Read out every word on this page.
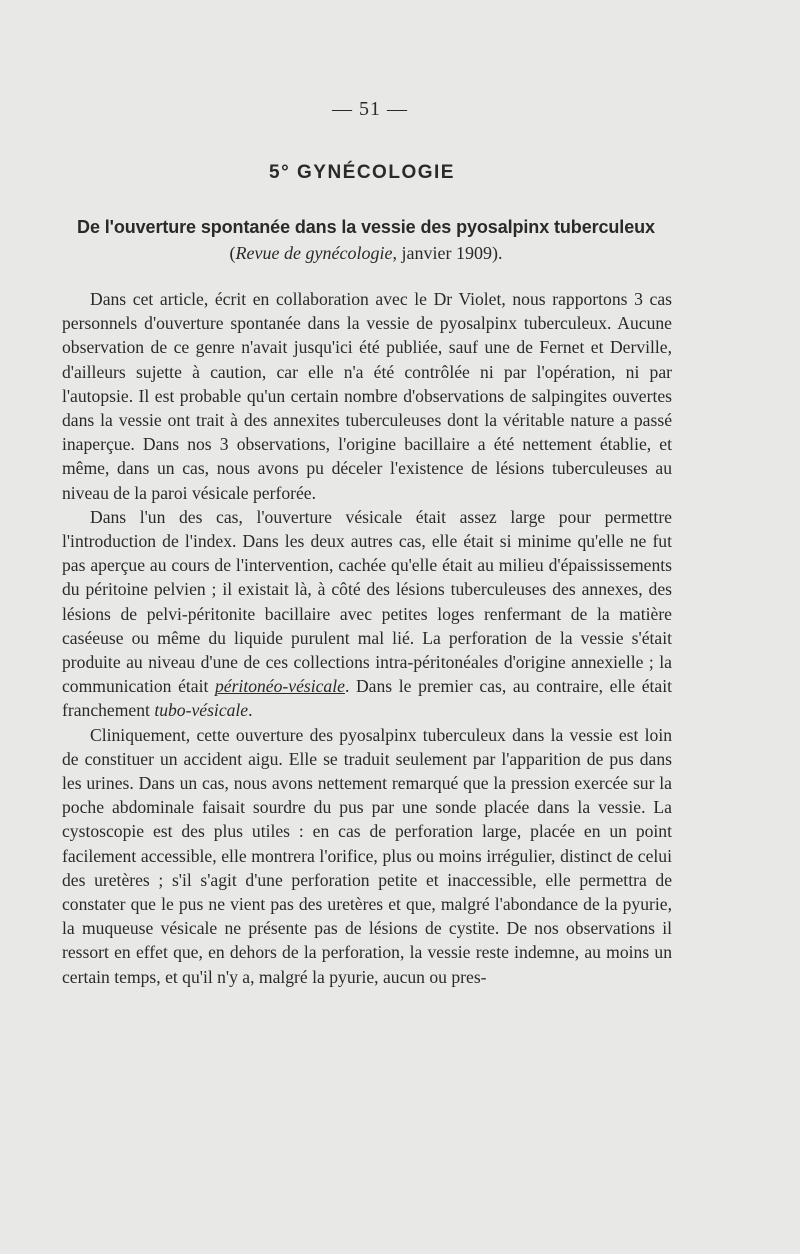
— 51 —
5° GYNÉCOLOGIE
De l'ouverture spontanée dans la vessie des pyosalpinx tuberculeux
(Revue de gynécologie, janvier 1909).

Dans cet article, écrit en collaboration avec le Dr Violet, nous rapportons 3 cas personnels d'ouverture spontanée dans la vessie de pyosalpinx tuberculeux. Aucune observation de ce genre n'avait jusqu'ici été publiée, sauf une de Fernet et Derville, d'ailleurs sujette à caution, car elle n'a été contrôlée ni par l'opération, ni par l'autopsie. Il est probable qu'un certain nombre d'observations de salpingites ouvertes dans la vessie ont trait à des annexites tuberculeuses dont la véritable nature a passé inaperçue. Dans nos 3 observations, l'origine bacillaire a été nettement établie, et même, dans un cas, nous avons pu déceler l'existence de lésions tuberculeuses au niveau de la paroi vésicale perforée.

Dans l'un des cas, l'ouverture vésicale était assez large pour permettre l'introduction de l'index. Dans les deux autres cas, elle était si minime qu'elle ne fut pas aperçue au cours de l'intervention, cachée qu'elle était au milieu d'épaississements du péritoine pelvien ; il existait là, à côté des lésions tuberculeuses des annexes, des lésions de pelvi-péritonite bacillaire avec petites loges renfermant de la matière caséeuse ou même du liquide purulent mal lié. La perforation de la vessie s'était produite au niveau d'une de ces collections intra-péritonéales d'origine annexielle ; la communication était péritonéo-vésicale. Dans le premier cas, au contraire, elle était franchement tubo-vésicale.

Cliniquement, cette ouverture des pyosalpinx tuberculeux dans la vessie est loin de constituer un accident aigu. Elle se traduit seulement par l'apparition de pus dans les urines. Dans un cas, nous avons nettement remarqué que la pression exercée sur la poche abdominale faisait sourdre du pus par une sonde placée dans la vessie. La cystoscopie est des plus utiles : en cas de perforation large, placée en un point facilement accessible, elle montrera l'orifice, plus ou moins irrégulier, distinct de celui des uretères ; s'il s'agit d'une perforation petite et inaccessible, elle permettra de constater que le pus ne vient pas des uretères et que, malgré l'abondance de la pyurie, la muqueuse vésicale ne présente pas de lésions de cystite. De nos observations il ressort en effet que, en dehors de la perforation, la vessie reste indemne, au moins un certain temps, et qu'il n'y a, malgré la pyurie, aucun ou pres-
